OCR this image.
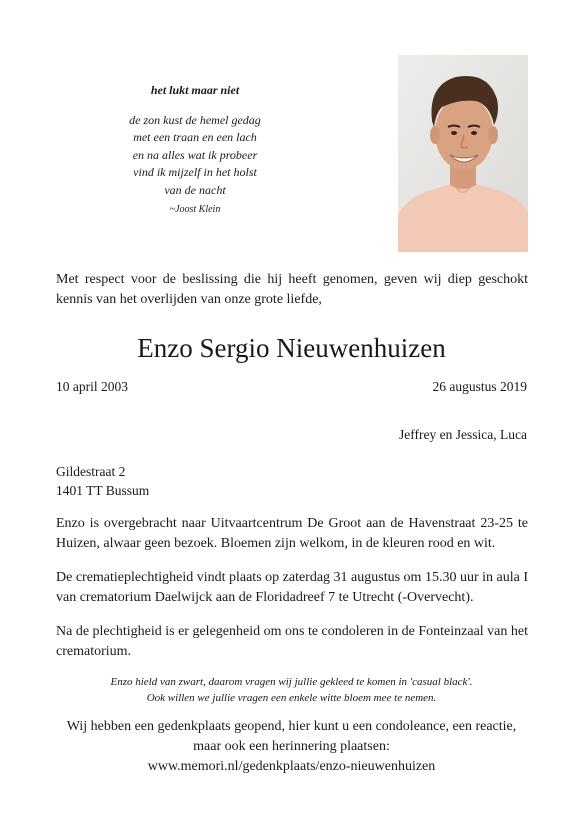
het lukt maar niet
de zon kust de hemel gedag
met een traan en een lach
en na alles wat ik probeer
vind ik mijzelf in het holst
van de nacht
~Joost Klein
Met respect voor de beslissing die hij heeft genomen, geven wij diep geschokt kennis van het overlijden van onze grote liefde,
Enzo Sergio Nieuwenhuizen
10 april 2003	26 augustus 2019
Jeffrey en Jessica, Luca
Gildestraat 2
1401 TT Bussum
Enzo is overgebracht naar Uitvaartcentrum De Groot aan de Havenstraat 23-25 te Huizen, alwaar geen bezoek. Bloemen zijn welkom, in de kleuren rood en wit.
De crematieplechtigheid vindt plaats op zaterdag 31 augustus om 15.30 uur in aula I van crematorium Daelwijck aan de Floridadreef 7 te Utrecht (-Overvecht).
Na de plechtigheid is er gelegenheid om ons te condoleren in de Fonteinzaal van het crematorium.
Enzo hield van zwart, daarom vragen wij jullie gekleed te komen in 'casual black'.
Ook willen we jullie vragen een enkele witte bloem mee te nemen.
Wij hebben een gedenkplaats geopend, hier kunt u een condoleance, een reactie,
maar ook een herinnering plaatsen:
www.memori.nl/gedenkplaats/enzo-nieuwenhuizen
